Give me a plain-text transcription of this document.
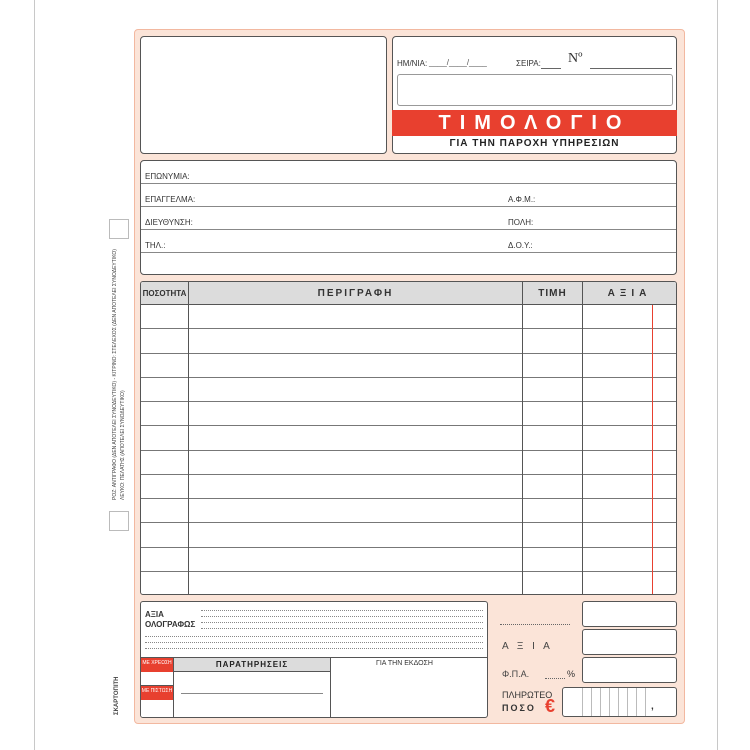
ΡΟΖ: ΑΝΤΙΓΡΑΦΟ (ΔΕΝ ΑΠΟΤΕΛΕΙ ΣΥΝΟΔΕΥΤΙΚΟ) - ΚΙΤΡΙΝΟ: ΣΤΕΛΕΧΟΣ (ΔΕΝ ΑΠΟΤΕΛΕΙ ΣΥΝΟΔΕΥΤΙΚΟ) ΛΕΥΚΟ: ΠΕΛΑΤΗΣ (ΑΠΟΤΕΛΕΙ ΣΥΝΟΔΕΥΤΙΚΟ)
ΣΚΑΡΤΟΠΙΤΗ
ΗΜ/ΝΙΑ: ____/____/____	ΣΕΙΡΑ: Νº
ΤΙΜΟΛΟΓΙΟ
ΓΙΑ ΤΗΝ ΠΑΡΟΧΗ ΥΠΗΡΕΣΙΩΝ
ΕΠΩΝΥΜΙΑ:
ΕΠΑΓΓΕΛΜΑ:	Α.Φ.Μ.:
ΔΙΕΥΘΥΝΣΗ:	ΠΟΛΗ:
ΤΗΛ.:	Δ.Ο.Υ.:
ΠΟΣΟΤΗΤΑ	ΠΕΡΙΓΡΑΦΗ	ΤΙΜΗ	ΑΞΙΑ
ΑΞΙΑ
ΟΛΟΓΡΑΦΩΣ
ΜΕ ΧΡΕΩΣΗ
ΜΕ ΠΙΣΤΩΣΗ
ΠΑΡΑΤΗΡΗΣΕΙΣ	ΓΙΑ ΤΗΝ ΕΚΔΟΣΗ
Α Ξ Ι Α
Φ.Π.Α.	%
ΠΛΗΡΩΤΕΟ
ΠΟΣΟ €	,
